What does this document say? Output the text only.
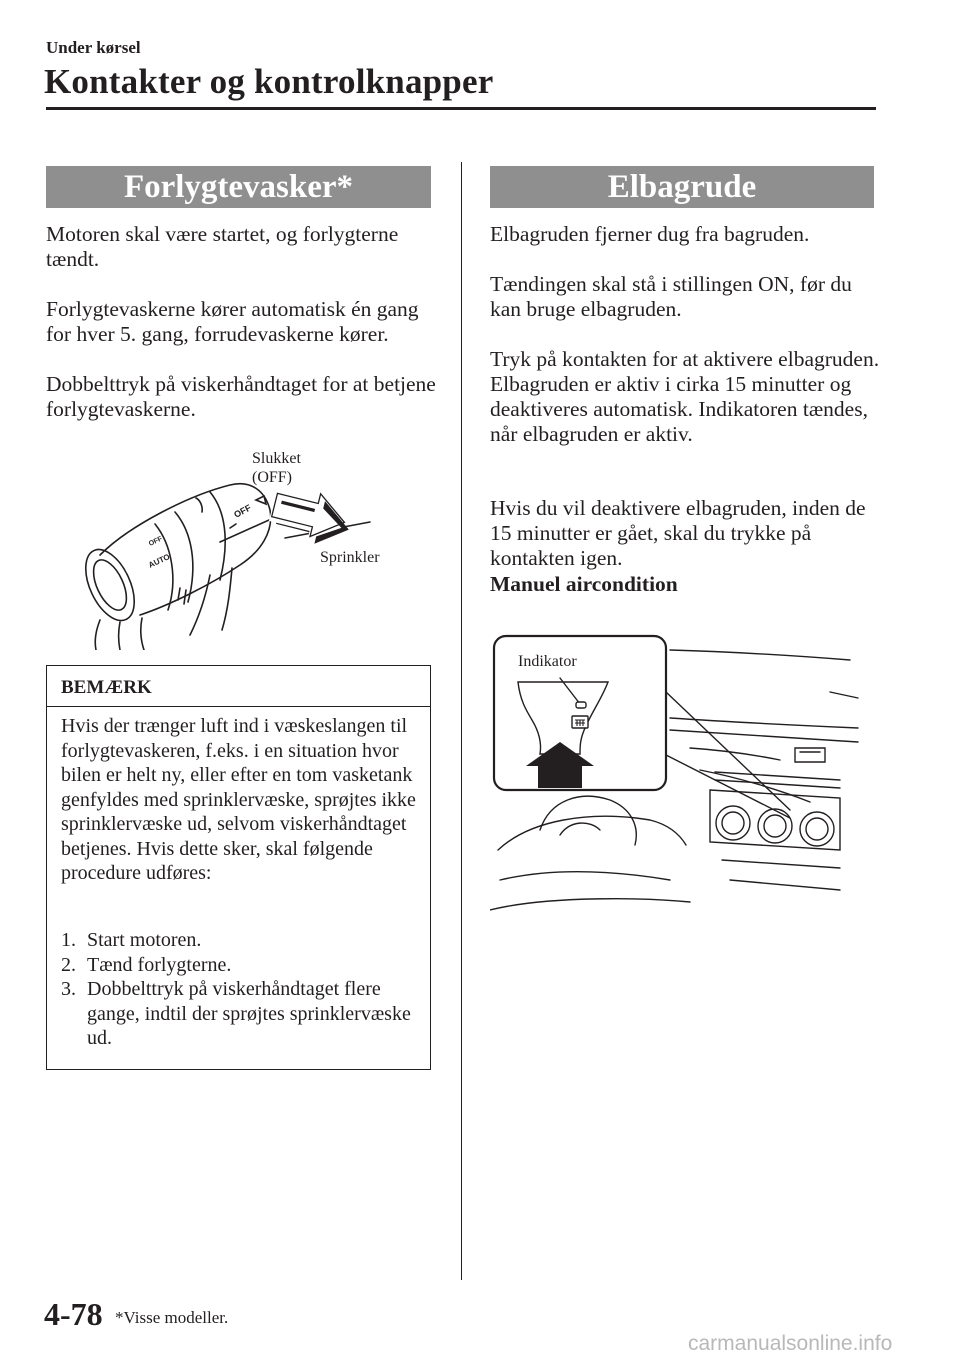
Under kørsel
Kontakter og kontrolknapper
Forlygtevasker*

Motoren skal være startet, og forlygterne tændt.

Forlygtevaskerne kører automatisk én gang for hver 5. gang, forrudevaskerne kører.

Dobbelttryk på viskerhåndtaget for at betjene forlygtevaskerne.

OFF
AUTO
OFF
Slukket
(OFF)
Sprinkler
BEMÆRK
Hvis der trænger luft ind i væskeslangen til forlygtevaskeren, f.eks. i en situation hvor bilen er helt ny, eller efter en tom vasketank genfyldes med sprinklervæske, sprøjtes ikke sprinklervæske ud, selvom viskerhåndtaget betjenes. Hvis dette sker, skal følgende procedure udføres:
1. Start motoren.
2. Tænd forlygterne.
3. Dobbelttryk på viskerhåndtaget flere gange, indtil der sprøjtes sprinklervæske ud.
Elbagrude

Elbagruden fjerner dug fra bagruden.

Tændingen skal stå i stillingen ON, før du kan bruge elbagruden.

Tryk på kontakten for at aktivere elbagruden. Elbagruden er aktiv i cirka 15 minutter og deaktiveres automatisk. Indikatoren tændes, når elbagruden er aktiv.

Hvis du vil deaktivere elbagruden, inden de 15 minutter er gået, skal du trykke på kontakten igen.

Manuel aircondition

Indikator
4-78 *Visse modeller.
carmanualsonline.info
